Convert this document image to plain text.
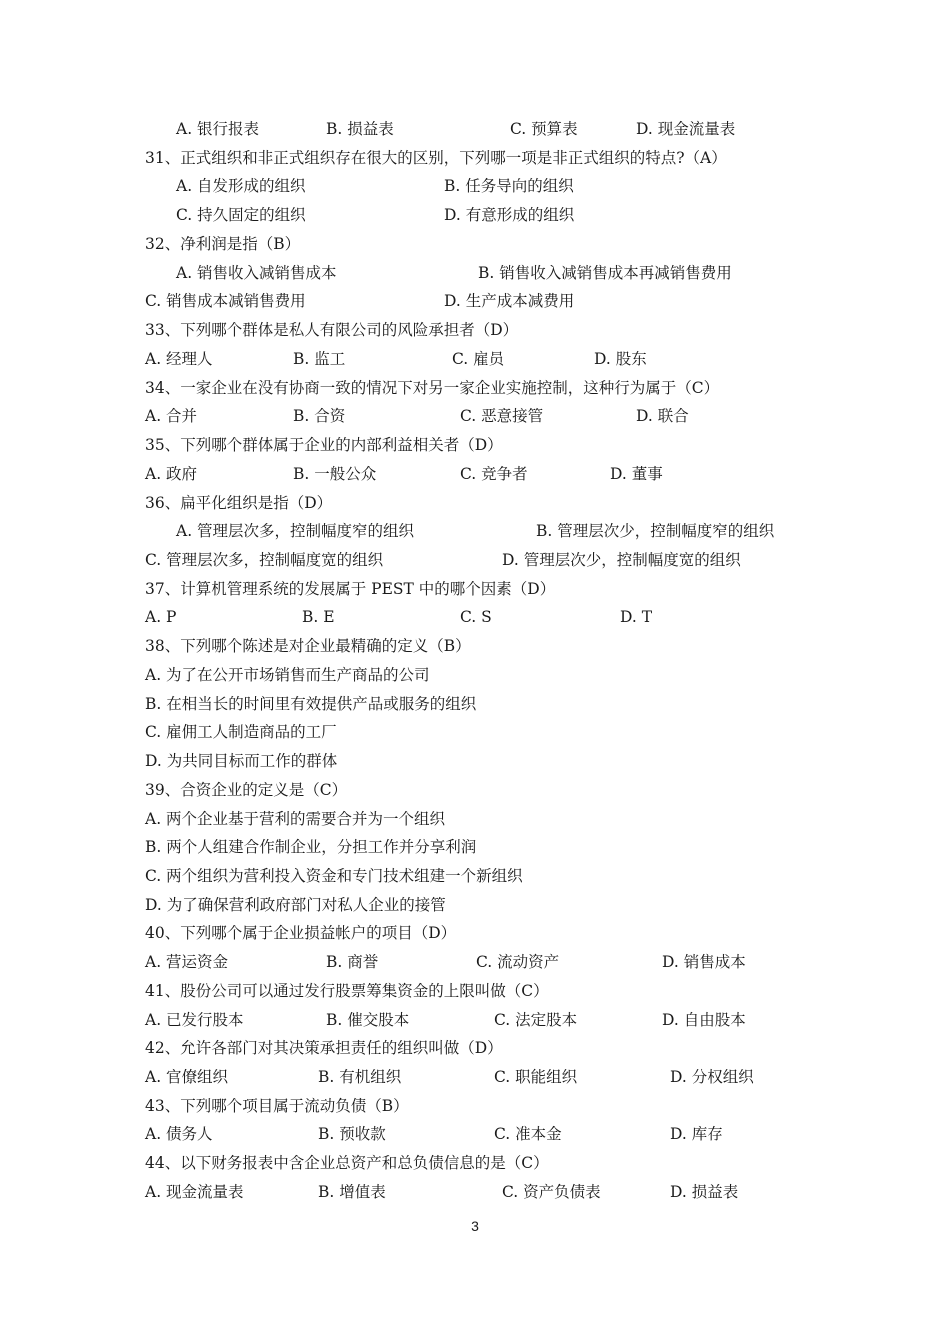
3
A. 银行报表	B. 损益表	C. 预算表	D. 现金流量表
31、正式组织和非正式组织存在很大的区别，下列哪一项是非正式组织的特点?（A）
A. 自发形成的组织	B. 任务导向的组织
C. 持久固定的组织	D. 有意形成的组织
32、净利润是指（B）
A. 销售收入减销售成本	B. 销售收入减销售成本再减销售费用
C. 销售成本减销售费用	D. 生产成本减费用
33、下列哪个群体是私人有限公司的风险承担者（D）
A. 经理人	B. 监工	C. 雇员	D. 股东
34、一家企业在没有协商一致的情况下对另一家企业实施控制，这种行为属于（C）
A. 合并	B. 合资	C. 恶意接管	D. 联合
35、下列哪个群体属于企业的内部利益相关者（D）
A. 政府	B. 一般公众	C. 竞争者	D. 董事
36、扁平化组织是指（D）
A. 管理层次多，控制幅度窄的组织	B. 管理层次少，控制幅度窄的组织
C. 管理层次多，控制幅度宽的组织	D. 管理层次少，控制幅度宽的组织
37、计算机管理系统的发展属于 PEST 中的哪个因素（D）
A. P	B. E	C. S	D. T
38、下列哪个陈述是对企业最精确的定义（B）
A. 为了在公开市场销售而生产商品的公司
B. 在相当长的时间里有效提供产品或服务的组织
C. 雇佣工人制造商品的工厂
D. 为共同目标而工作的群体
39、合资企业的定义是（C）
A. 两个企业基于营利的需要合并为一个组织
B. 两个人组建合作制企业，分担工作并分享利润
C. 两个组织为营利投入资金和专门技术组建一个新组织
D. 为了确保营利政府部门对私人企业的接管
40、下列哪个属于企业损益帐户的项目（D）
A. 营运资金	B. 商誉	C. 流动资产	D. 销售成本
41、股份公司可以通过发行股票筹集资金的上限叫做（C）
A. 已发行股本	B. 催交股本	C. 法定股本	D. 自由股本
42、允许各部门对其决策承担责任的组织叫做（D）
A. 官僚组织	B. 有机组织	C. 职能组织	D. 分权组织
43、下列哪个项目属于流动负债（B）
A. 债务人	B. 预收款	C. 准本金	D. 库存
44、以下财务报表中含企业总资产和总负债信息的是（C）
A. 现金流量表	B. 增值表	C. 资产负债表	D. 损益表
